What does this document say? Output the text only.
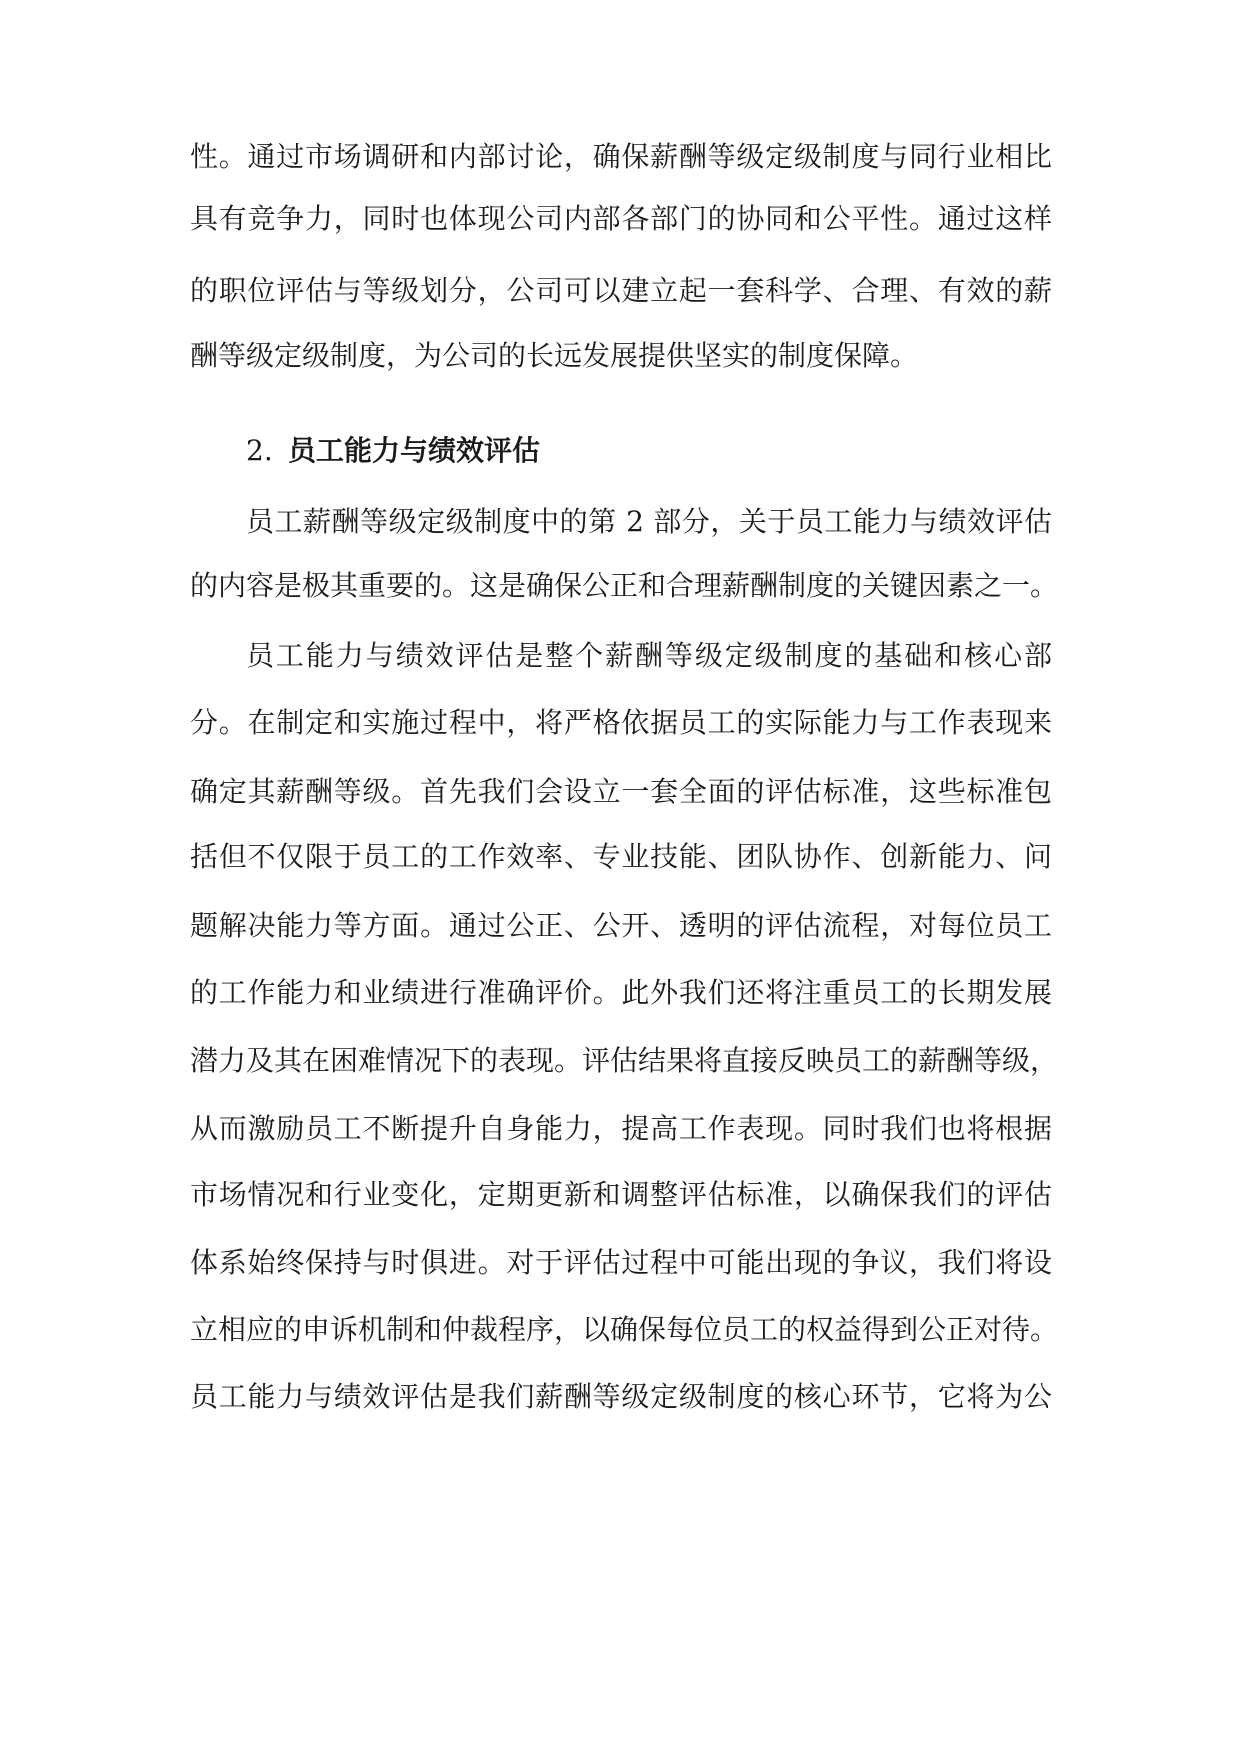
性。通过市场调研和内部讨论，确保薪酬等级定级制度与同行业相比
具有竞争力，同时也体现公司内部各部门的协同和公平性。通过这样
的职位评估与等级划分，公司可以建立起一套科学、合理、有效的薪
酬等级定级制度，为公司的长远发展提供坚实的制度保障。
2. 员工能力与绩效评估
员工薪酬等级定级制度中的第 2 部分，关于员工能力与绩效评估
的内容是极其重要的。这是确保公正和合理薪酬制度的关键因素之一。
员工能力与绩效评估是整个薪酬等级定级制度的基础和核心部
分。在制定和实施过程中，将严格依据员工的实际能力与工作表现来
确定其薪酬等级。首先我们会设立一套全面的评估标准，这些标准包
括但不仅限于员工的工作效率、专业技能、团队协作、创新能力、问
题解决能力等方面。通过公正、公开、透明的评估流程，对每位员工
的工作能力和业绩进行准确评价。此外我们还将注重员工的长期发展
潜力及其在困难情况下的表现。评估结果将直接反映员工的薪酬等级，
从而激励员工不断提升自身能力，提高工作表现。同时我们也将根据
市场情况和行业变化，定期更新和调整评估标准，以确保我们的评估
体系始终保持与时俱进。对于评估过程中可能出现的争议，我们将设
立相应的申诉机制和仲裁程序，以确保每位员工的权益得到公正对待。
员工能力与绩效评估是我们薪酬等级定级制度的核心环节，它将为公
